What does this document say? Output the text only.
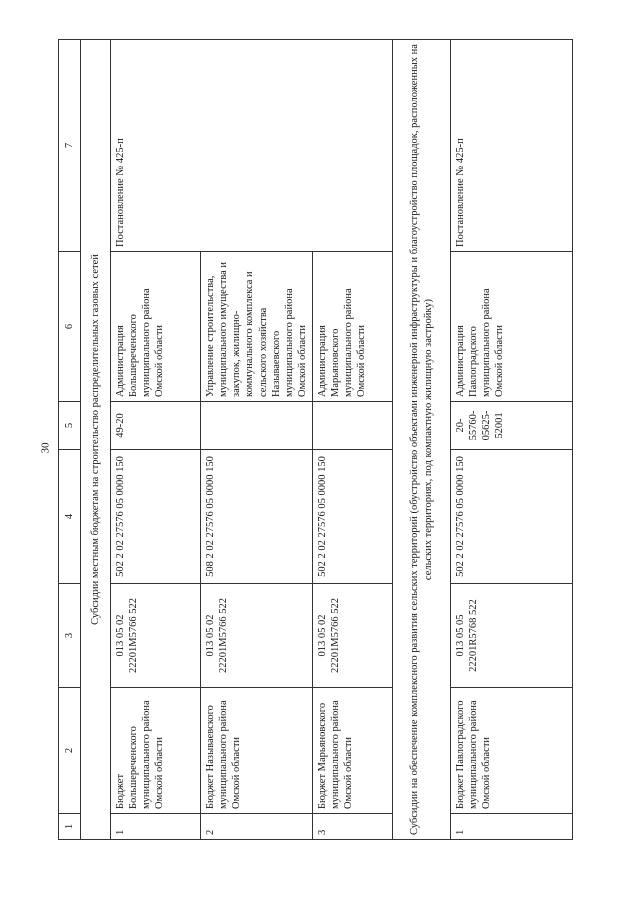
30
1	2	3	4	5	6	7
Субсидии местным бюджетам на строительство распределительных газовых сетей						
1	Бюджет Большереченского муниципального района Омской области	013 05 02 22201M5766 522	502 2 02 27576 05 0000 150	49-20	Администрация Большереченского муниципального района Омской области	Постановление № 425-п
2	Бюджет Называевского муниципального района Омской области	013 05 02 22201M5766 522	508 2 02 27576 05 0000 150		Управление строительства, муниципального имущества и закупок, жилищно-коммунального комплекса и сельского хозяйства Называевского муниципального района Омской области	
3	Бюджет Марьяновского муниципального района Омской области	013 05 02 22201M5766 522	502 2 02 27576 05 0000 150		Администрация Марьяновского муниципального района Омской области	
Субсидии на обеспечение комплексного развития сельских территорий (обустройство объектами инженерной инфраструктуры и благоустройство площадок, расположенных на сельских территориях, под компактную жилищную застройку)						
1	Бюджет Павлоградского муниципального района Омской области	013 05 05 22201R5768 522	502 2 02 27576 05 0000 150	20-55760-05625-52001	Администрация Павлоградского муниципального района Омской области	Постановление № 425-п
